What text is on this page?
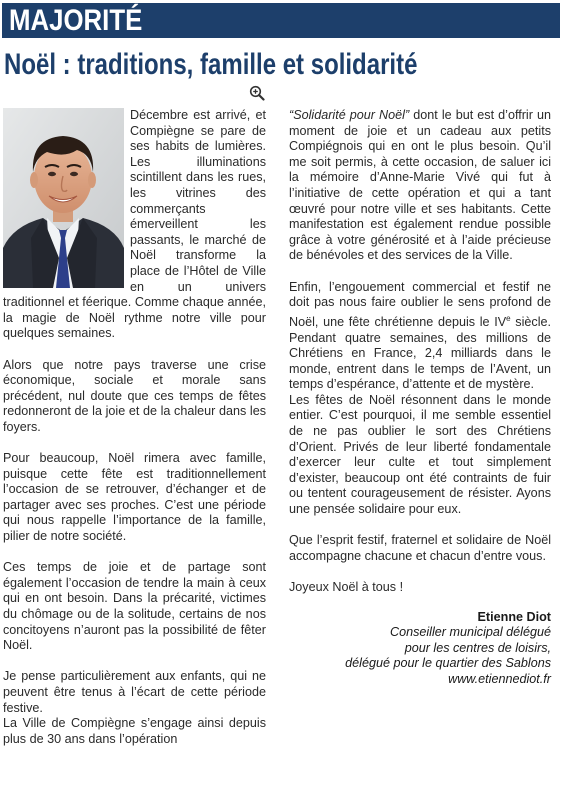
MAJORITÉ
Noël : traditions, famille et solidarité

Décembre est arrivé, et Compiègne se pare de ses habits de lumières. Les illuminations scintillent dans les rues, les vitrines des commerçants émerveillent les passants, le marché de Noël transforme la place de l’Hôtel de Ville en un univers traditionnel et féerique. Comme chaque année, la magie de Noël rythme notre ville pour quelques semaines.

Alors que notre pays traverse une crise économique, sociale et morale sans précédent, nul doute que ces temps de fêtes redonneront de la joie et de la chaleur dans les foyers.

Pour beaucoup, Noël rimera avec famille, puisque cette fête est traditionnellement l’occasion de se retrouver, d’échanger et de partager avec ses proches. C’est une période qui nous rappelle l’importance de la famille, pilier de notre société.

Ces temps de joie et de partage sont également l’occasion de tendre la main à ceux qui en ont besoin. Dans la précarité, victimes du chômage ou de la solitude, certains de nos concitoyens n’auront pas la possibilité de fêter Noël.

Je pense particulièrement aux enfants, qui ne peuvent être tenus à l’écart de cette période festive.

La Ville de Compiègne s’engage ainsi depuis plus de 30 ans dans l’opération

“Solidarité pour Noël” dont le but est d’offrir un moment de joie et un cadeau aux petits Compiégnois qui en ont le plus besoin. Qu’il me soit permis, à cette occasion, de saluer ici la mémoire d’Anne-Marie Vivé qui fut à l’initiative de cette opération et qui a tant œuvré pour notre ville et ses habitants. Cette manifestation est également rendue possible grâce à votre générosité et à l’aide précieuse de bénévoles et des services de la Ville.

Enfin, l’engouement commercial et festif ne doit pas nous faire oublier le sens profond de Noël, une fête chrétienne depuis le IVe siècle. Pendant quatre semaines, des millions de Chrétiens en France, 2,4 milliards dans le monde, entrent dans le temps de l’Avent, un temps d’espérance, d’attente et de mystère.

Les fêtes de Noël résonnent dans le monde entier. C’est pourquoi, il me semble essentiel de ne pas oublier le sort des Chrétiens d’Orient. Privés de leur liberté fondamentale d’exercer leur culte et tout simplement d’exister, beaucoup ont été contraints de fuir ou tentent courageusement de résister. Ayons une pensée solidaire pour eux.

Que l’esprit festif, fraternel et solidaire de Noël accompagne chacune et chacun d’entre vous.

Joyeux Noël à tous !

Etienne Diot
Conseiller municipal délégué
pour les centres de loisirs,
délégué pour le quartier des Sablons
www.etiennediot.fr
